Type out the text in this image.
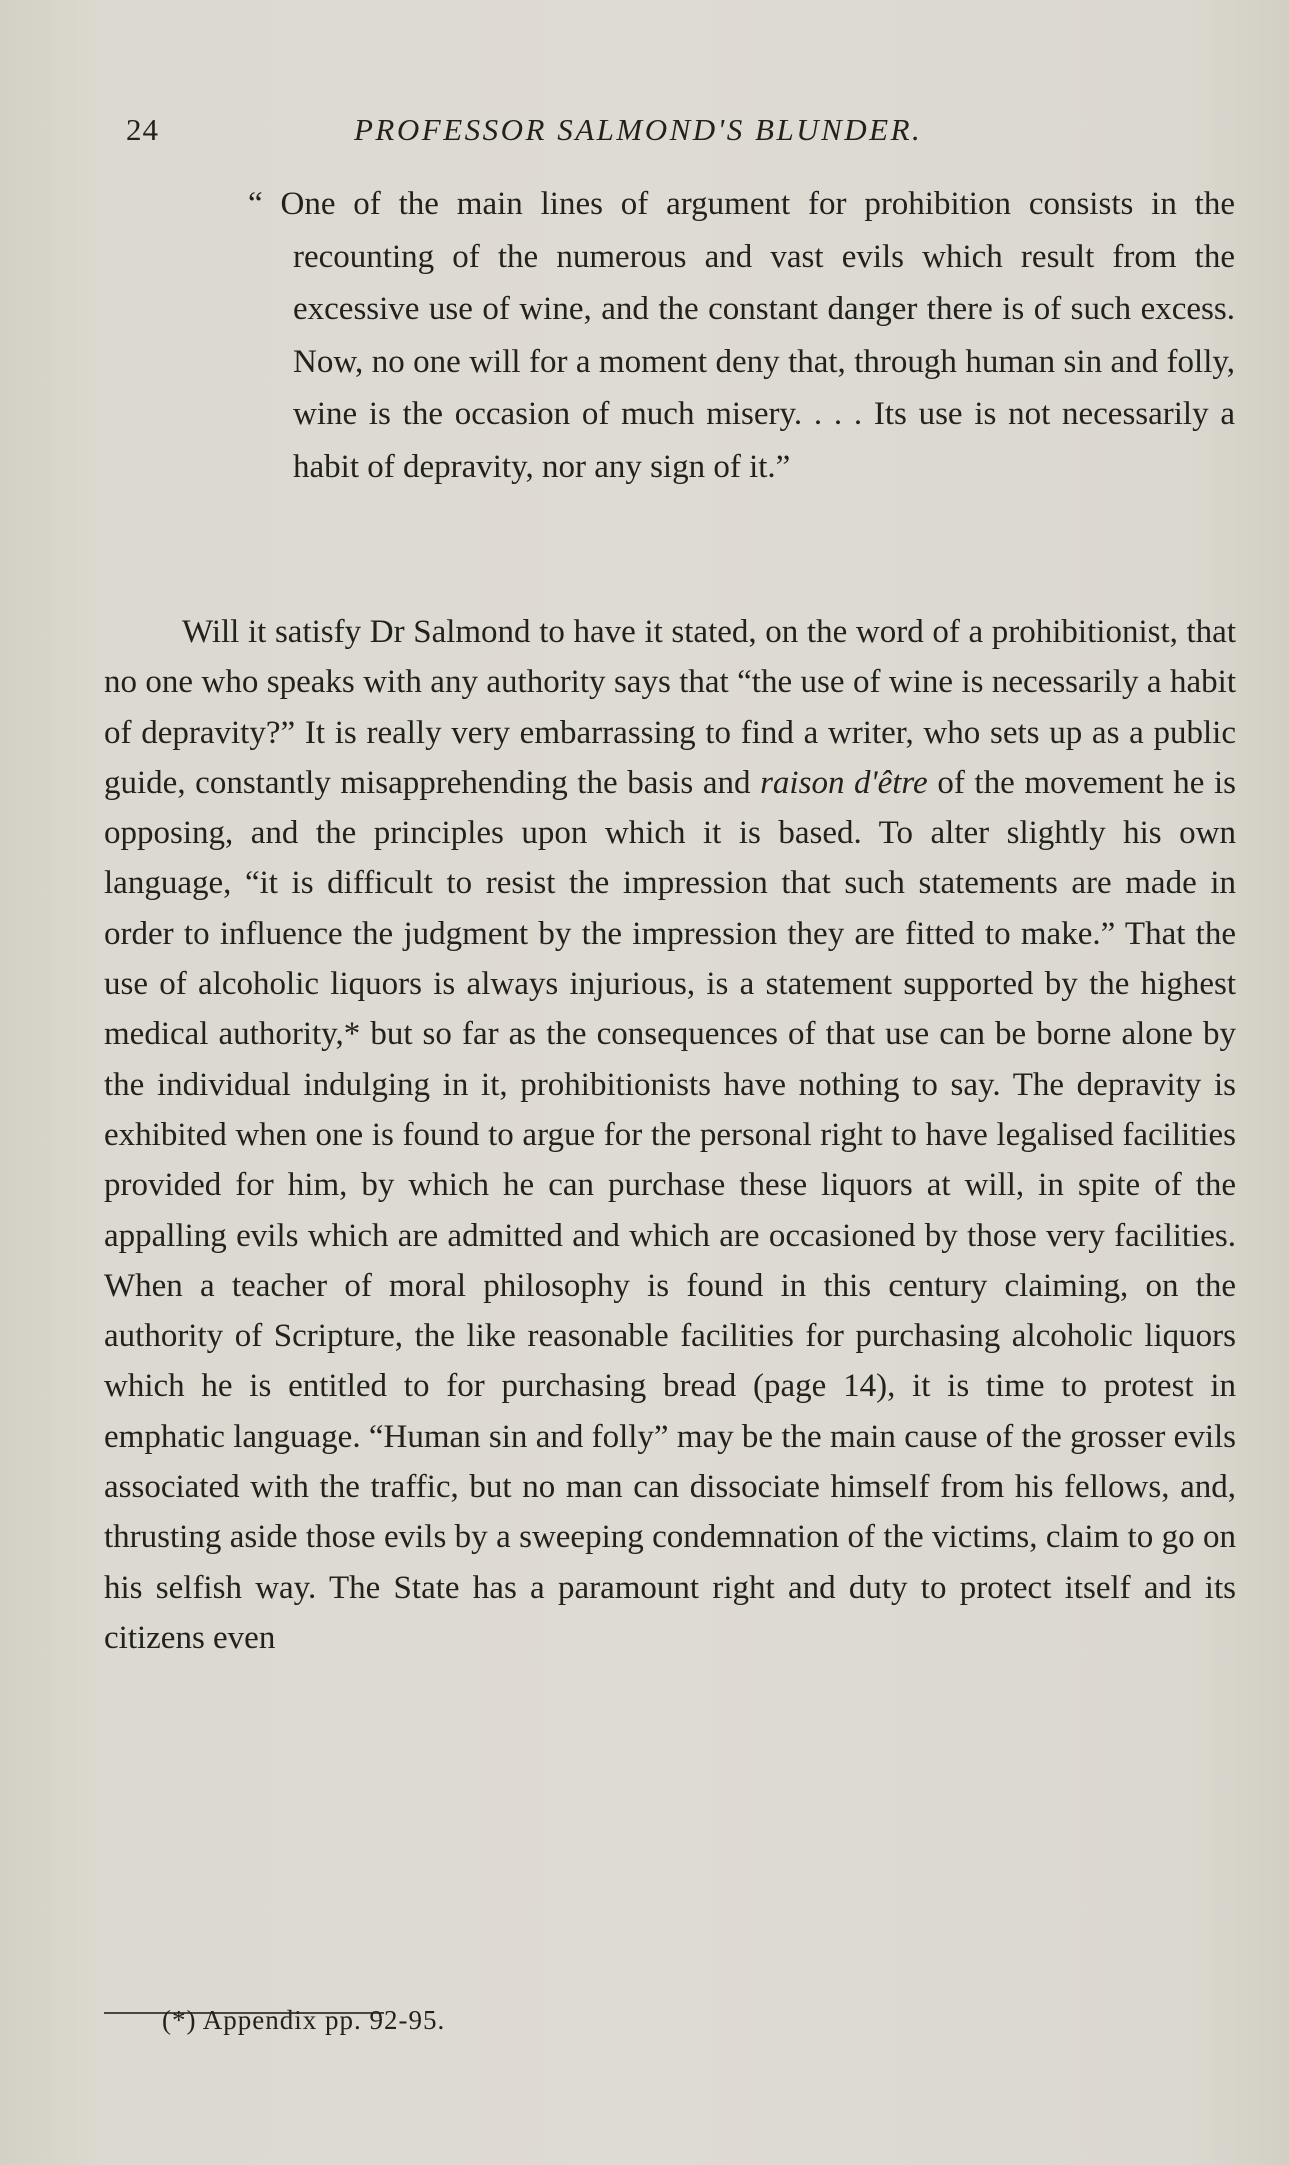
24	PROFESSOR SALMOND'S BLUNDER.

“ One of the main lines of argument for prohibition consists in the recounting of the numerous and vast evils which result from the excessive use of wine, and the constant danger there is of such excess. Now, no one will for a moment deny that, through human sin and folly, wine is the occasion of much misery. . . . Its use is not necessarily a habit of depravity, nor any sign of it.”

Will it satisfy Dr Salmond to have it stated, on the word of a prohibitionist, that no one who speaks with any authority says that “the use of wine is necessarily a habit of depravity?” It is really very embarrassing to find a writer, who sets up as a public guide, constantly misapprehending the basis and raison d'être of the movement he is opposing, and the principles upon which it is based. To alter slightly his own language, “it is difficult to resist the impression that such statements are made in order to influence the judgment by the impression they are fitted to make.” That the use of alcoholic liquors is always injurious, is a statement supported by the highest medical authority,* but so far as the consequences of that use can be borne alone by the individual indulging in it, prohibitionists have nothing to say. The depravity is exhibited when one is found to argue for the personal right to have legalised facilities provided for him, by which he can purchase these liquors at will, in spite of the appalling evils which are admitted and which are occasioned by those very facilities. When a teacher of moral philosophy is found in this century claiming, on the authority of Scripture, the like reasonable facilities for purchasing alcoholic liquors which he is entitled to for purchasing bread (page 14), it is time to protest in emphatic language. “Human sin and folly” may be the main cause of the grosser evils associated with the traffic, but no man can dissociate himself from his fellows, and, thrusting aside those evils by a sweeping condemnation of the victims, claim to go on his selfish way. The State has a paramount right and duty to protect itself and its citizens even

(*) Appendix pp. 92-95.
